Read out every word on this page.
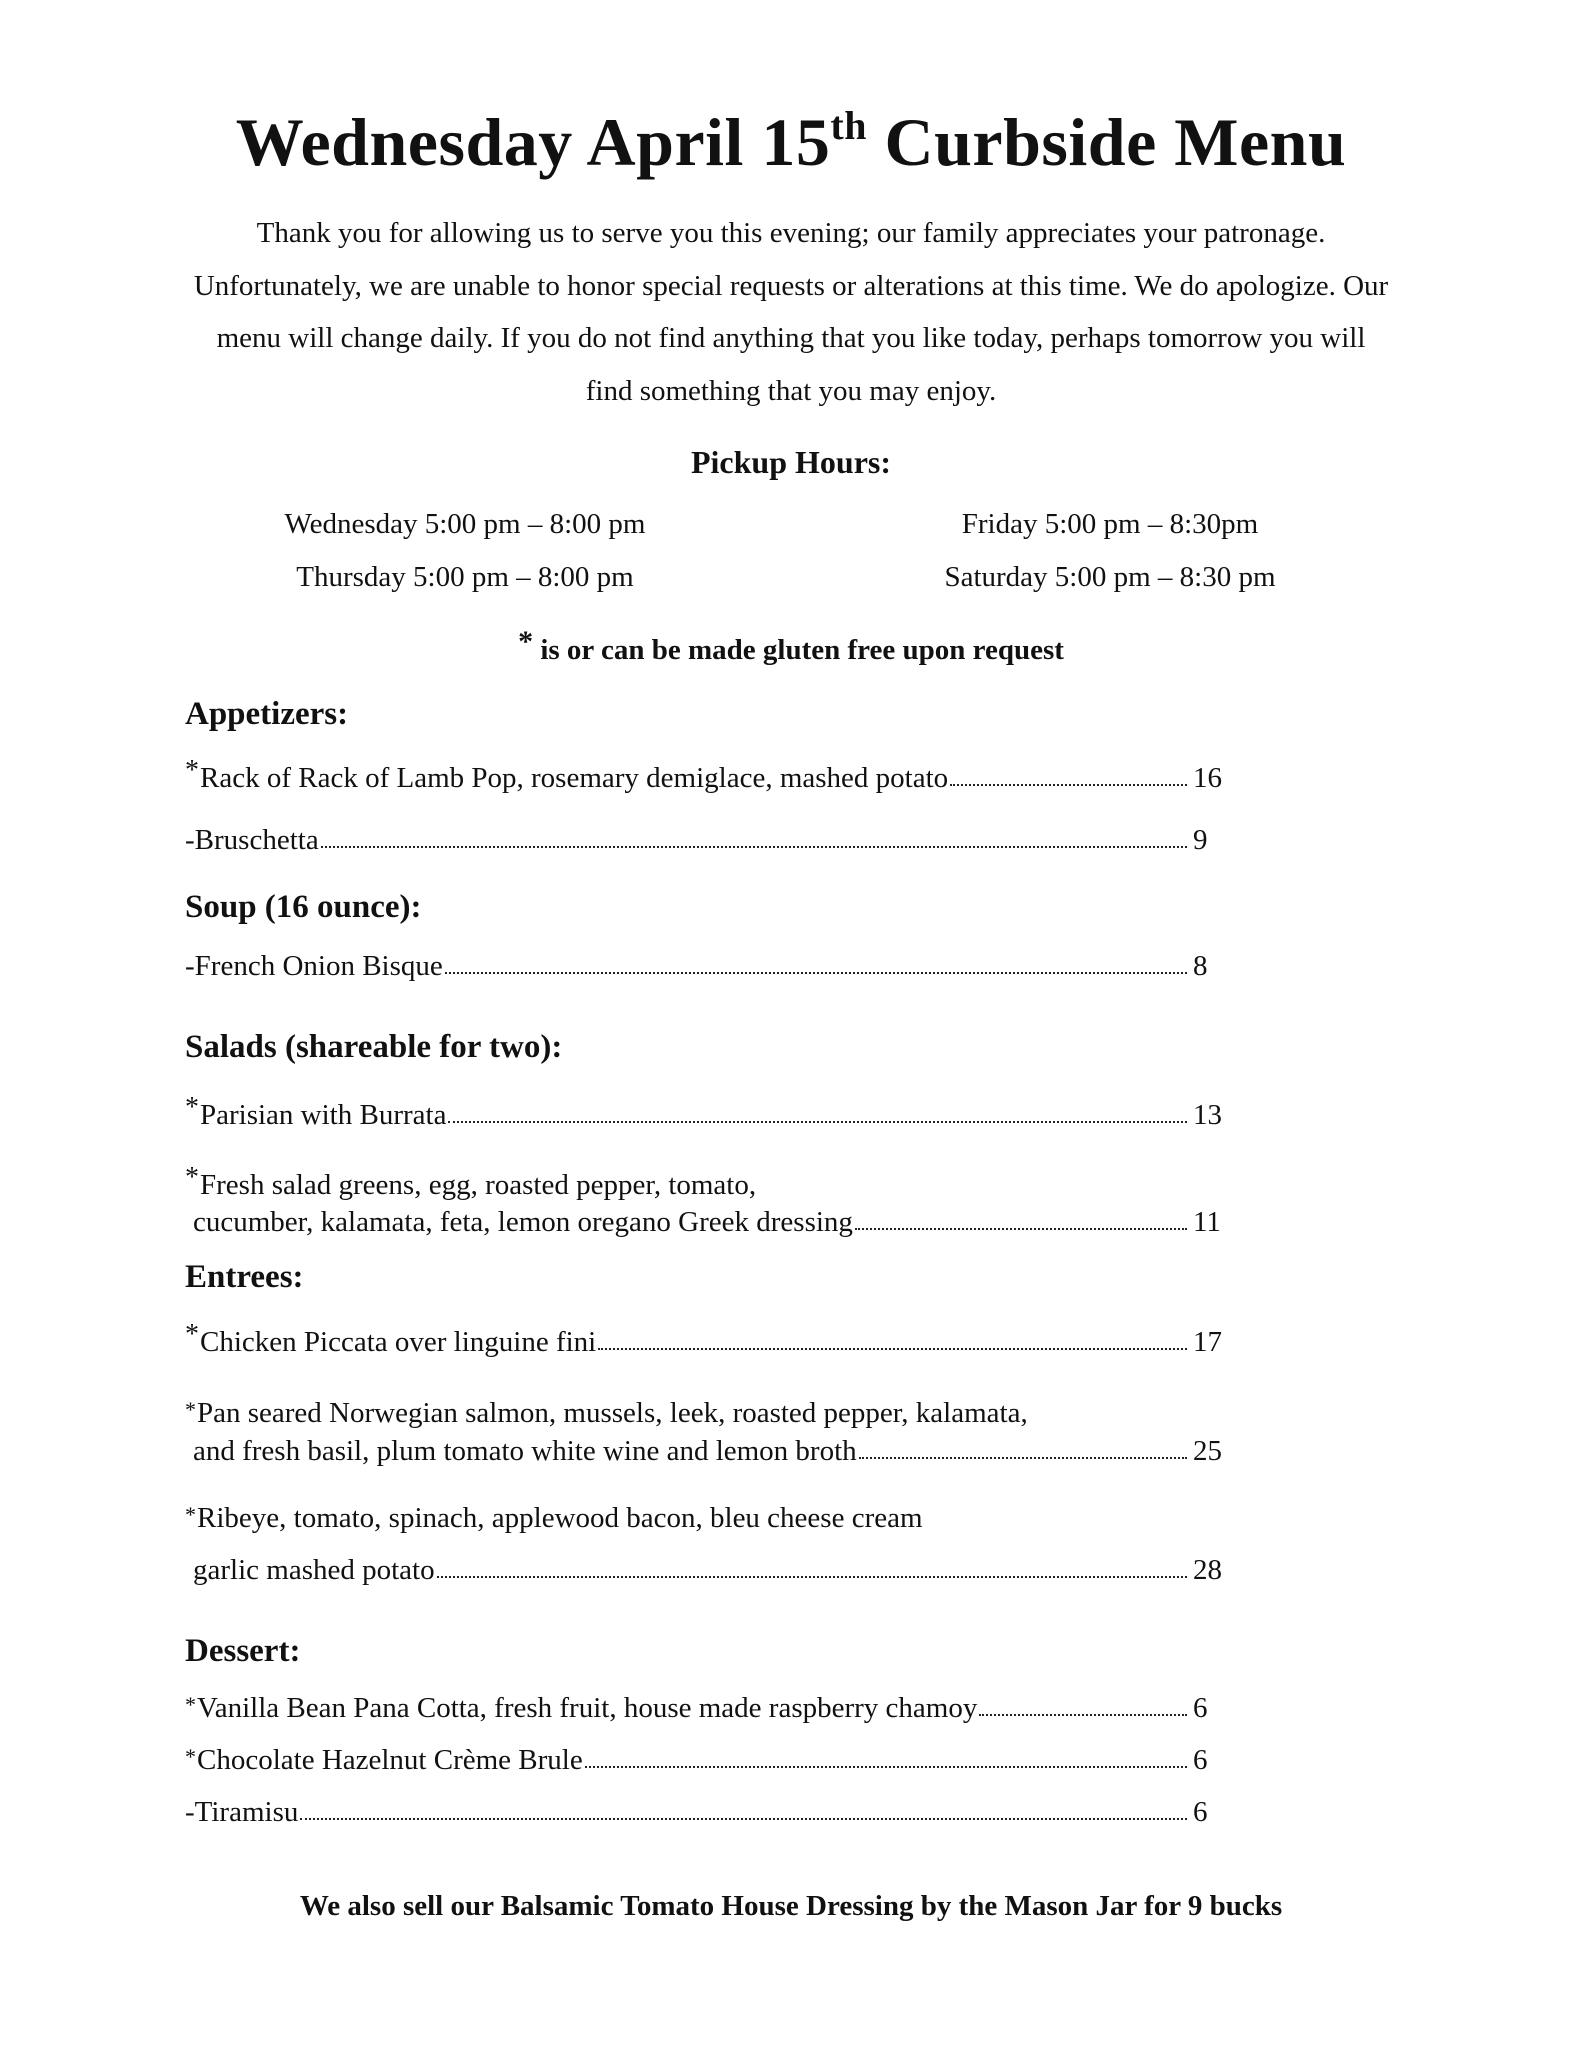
Wednesday April 15th Curbside Menu

Thank you for allowing us to serve you this evening; our family appreciates your patronage. Unfortunately, we are unable to honor special requests or alterations at this time. We do apologize. Our menu will change daily. If you do not find anything that you like today, perhaps tomorrow you will find something that you may enjoy.

Pickup Hours:
Wednesday 5:00 pm – 8:00 pm
Thursday 5:00 pm – 8:00 pm
Friday 5:00 pm – 8:30pm
Saturday 5:00 pm – 8:30 pm
* is or can be made gluten free upon request
Appetizers:
*Rack of Rack of Lamb Pop, rosemary demiglace, mashed potato	16
-Bruschetta	9
Soup (16 ounce):
-French Onion Bisque	8
Salads (shareable for two):
*Parisian with Burrata	13
*Fresh salad greens, egg, roasted pepper, tomato,
cucumber, kalamata, feta, lemon oregano Greek dressing	11
Entrees:
*Chicken Piccata over linguine fini	17
*Pan seared Norwegian salmon, mussels, leek, roasted pepper, kalamata,
and fresh basil, plum tomato white wine and lemon broth	25
*Ribeye, tomato, spinach, applewood bacon, bleu cheese cream
garlic mashed potato	28
Dessert:
*Vanilla Bean Pana Cotta, fresh fruit, house made raspberry chamoy	6
*Chocolate Hazelnut Crème Brule	6
-Tiramisu	6
We also sell our Balsamic Tomato House Dressing by the Mason Jar for 9 bucks
